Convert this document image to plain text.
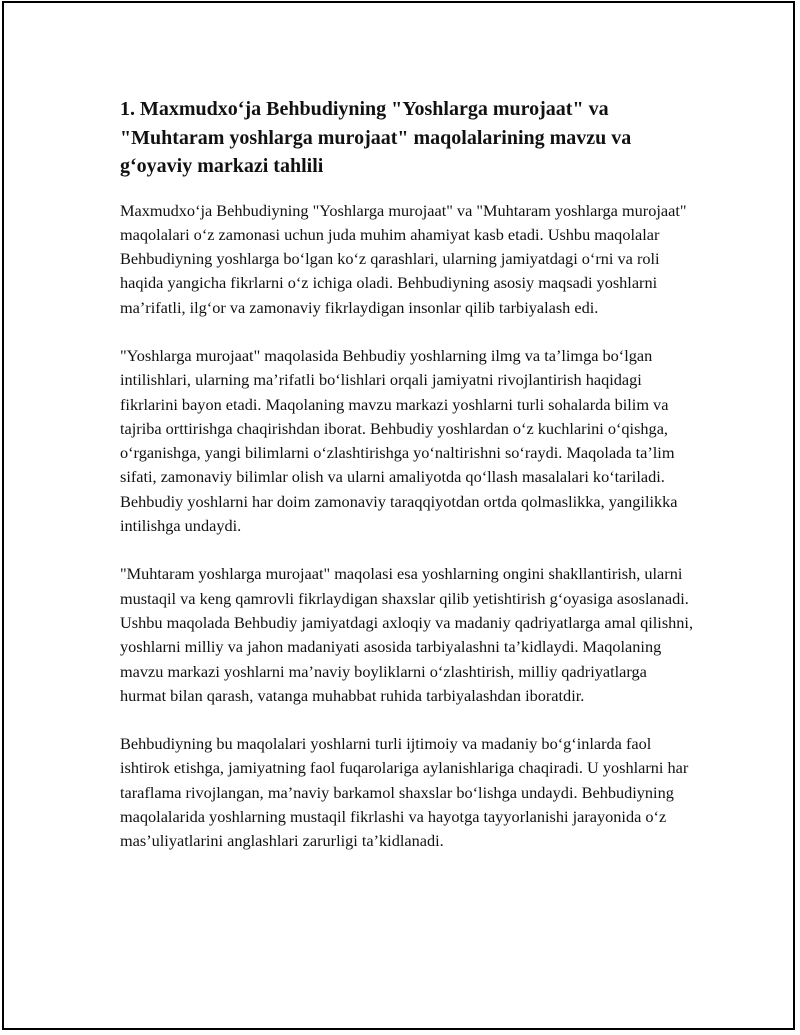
1. Maxmudxoʻja Behbudiyning "Yoshlarga murojaat" va "Muhtaram yoshlarga murojaat" maqolalarining mavzu va gʻoyaviy markazi tahlili

Maxmudxoʻja Behbudiyning "Yoshlarga murojaat" va "Muhtaram yoshlarga murojaat" maqolalari oʻz zamonasi uchun juda muhim ahamiyat kasb etadi. Ushbu maqolalar Behbudiyning yoshlarga boʻlgan koʻz qarashlari, ularning jamiyatdagi oʻrni va roli haqida yangicha fikrlarni oʻz ichiga oladi. Behbudiyning asosiy maqsadi yoshlarni maʼrifatli, ilgʻor va zamonaviy fikrlaydigan insonlar qilib tarbiyalash edi.

"Yoshlarga murojaat" maqolasida Behbudiy yoshlarning ilmg va taʼlimga boʻlgan intilishlari, ularning maʼrifatli boʻlishlari orqali jamiyatni rivojlantirish haqidagi fikrlarini bayon etadi. Maqolaning mavzu markazi yoshlarni turli sohalarda bilim va tajriba orttirishga chaqirishdan iborat. Behbudiy yoshlardan oʻz kuchlarini oʻqishga, oʻrganishga, yangi bilimlarni oʻzlashtirishga yoʻnaltirishni soʻraydi. Maqolada taʼlim sifati, zamonaviy bilimlar olish va ularni amaliyotda qoʻllash masalalari koʻtariladi. Behbudiy yoshlarni har doim zamonaviy taraqqiyotdan ortda qolmaslikka, yangilikka intilishga undaydi.

"Muhtaram yoshlarga murojaat" maqolasi esa yoshlarning ongini shakllantirish, ularni mustaqil va keng qamrovli fikrlaydigan shaxslar qilib yetishtirish gʻoyasiga asoslanadi. Ushbu maqolada Behbudiy jamiyatdagi axloqiy va madaniy qadriyatlarga amal qilishni, yoshlarni milliy va jahon madaniyati asosida tarbiyalashni taʼkidlaydi. Maqolaning mavzu markazi yoshlarni maʼnaviy boyliklarni oʻzlashtirish, milliy qadriyatlarga hurmat bilan qarash, vatanga muhabbat ruhida tarbiyalashdan iboratdir.

Behbudiyning bu maqolalari yoshlarni turli ijtimoiy va madaniy boʻgʻinlarda faol ishtirok etishga, jamiyatning faol fuqarolariga aylanishlariga chaqiradi. U yoshlarni har taraflama rivojlangan, maʼnaviy barkamol shaxslar boʻlishga undaydi. Behbudiyning maqolalarida yoshlarning mustaqil fikrlashi va hayotga tayyorlanishi jarayonida oʻz masʼuliyatlarini anglashlari zarurligi taʼkidlanadi.
